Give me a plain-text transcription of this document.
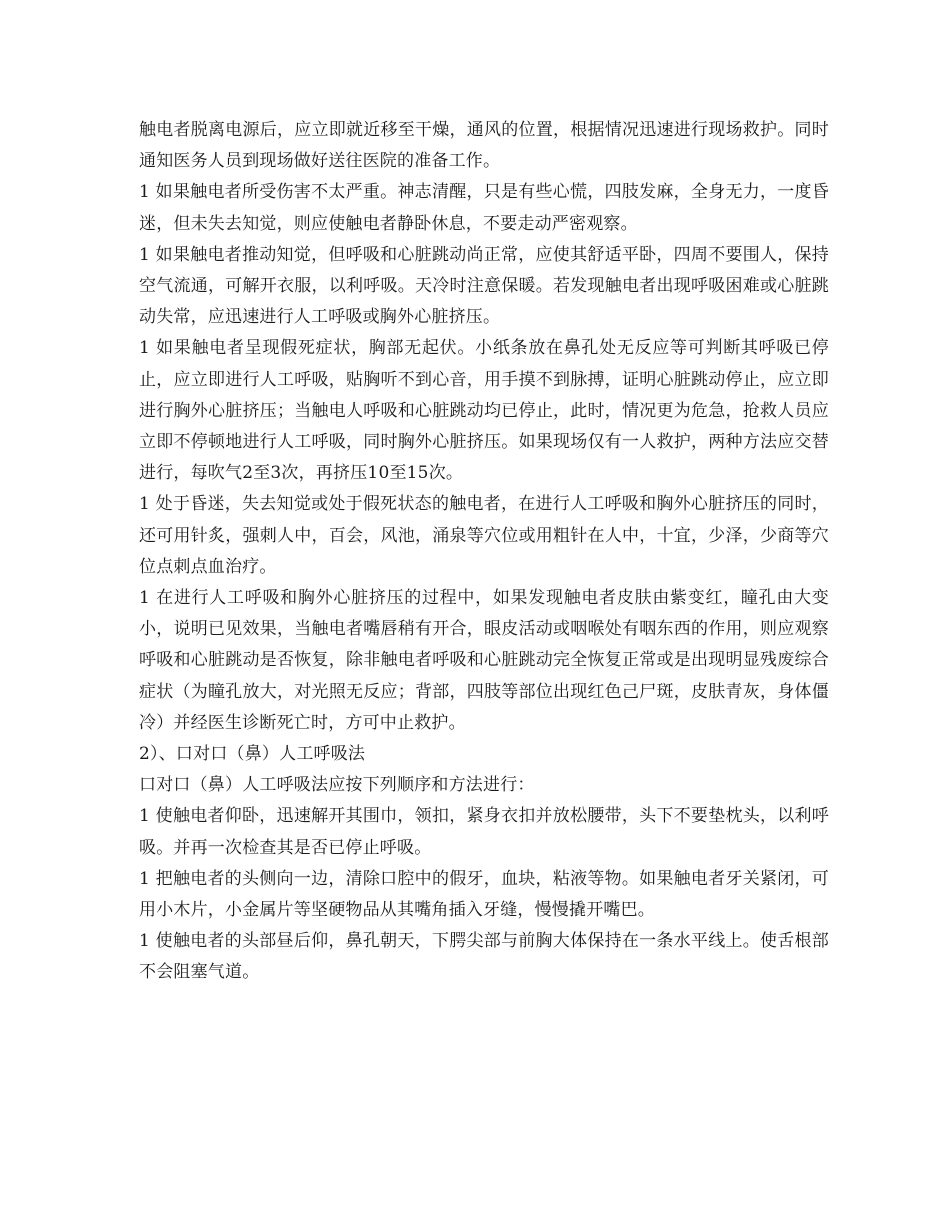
触电者脱离电源后，应立即就近移至干燥，通风的位置，根据情况迅速进行现场救护。同时通知医务人员到现场做好送往医院的准备工作。

1 如果触电者所受伤害不太严重。神志清醒，只是有些心慌，四肢发麻，全身无力，一度昏迷，但未失去知觉，则应使触电者静卧休息，不要走动严密观察。

1 如果触电者推动知觉，但呼吸和心脏跳动尚正常，应使其舒适平卧，四周不要围人，保持空气流通，可解开衣服，以利呼吸。天冷时注意保暖。若发现触电者出现呼吸困难或心脏跳动失常，应迅速进行人工呼吸或胸外心脏挤压。

1 如果触电者呈现假死症状，胸部无起伏。小纸条放在鼻孔处无反应等可判断其呼吸已停止，应立即进行人工呼吸，贴胸听不到心音，用手摸不到脉搏，证明心脏跳动停止，应立即进行胸外心脏挤压；当触电人呼吸和心脏跳动均已停止，此时，情况更为危急，抢救人员应立即不停顿地进行人工呼吸，同时胸外心脏挤压。如果现场仅有一人救护，两种方法应交替进行，每吹气2至3次，再挤压10至15次。

1 处于昏迷，失去知觉或处于假死状态的触电者，在进行人工呼吸和胸外心脏挤压的同时，还可用针炙，强刺人中，百会，风池，涌泉等穴位或用粗针在人中，十宜，少泽，少商等穴位点刺点血治疗。

1 在进行人工呼吸和胸外心脏挤压的过程中，如果发现触电者皮肤由紫变红，瞳孔由大变小，说明已见效果，当触电者嘴唇稍有开合，眼皮活动或咽喉处有咽东西的作用，则应观察呼吸和心脏跳动是否恢复，除非触电者呼吸和心脏跳动完全恢复正常或是出现明显残废综合症状（为瞳孔放大，对光照无反应；背部，四肢等部位出现红色己尸斑，皮肤青灰，身体僵冷）并经医生诊断死亡时，方可中止救护。

2）、口对口（鼻）人工呼吸法

口对口（鼻）人工呼吸法应按下列顺序和方法进行：

1 使触电者仰卧，迅速解开其围巾，领扣，紧身衣扣并放松腰带，头下不要垫枕头，以利呼吸。并再一次检查其是否已停止呼吸。

1 把触电者的头侧向一边，清除口腔中的假牙，血块，粘液等物。如果触电者牙关紧闭，可用小木片，小金属片等坚硬物品从其嘴角插入牙缝，慢慢撬开嘴巴。

1 使触电者的头部昼后仰，鼻孔朝天，下腭尖部与前胸大体保持在一条水平线上。使舌根部不会阻塞气道。
